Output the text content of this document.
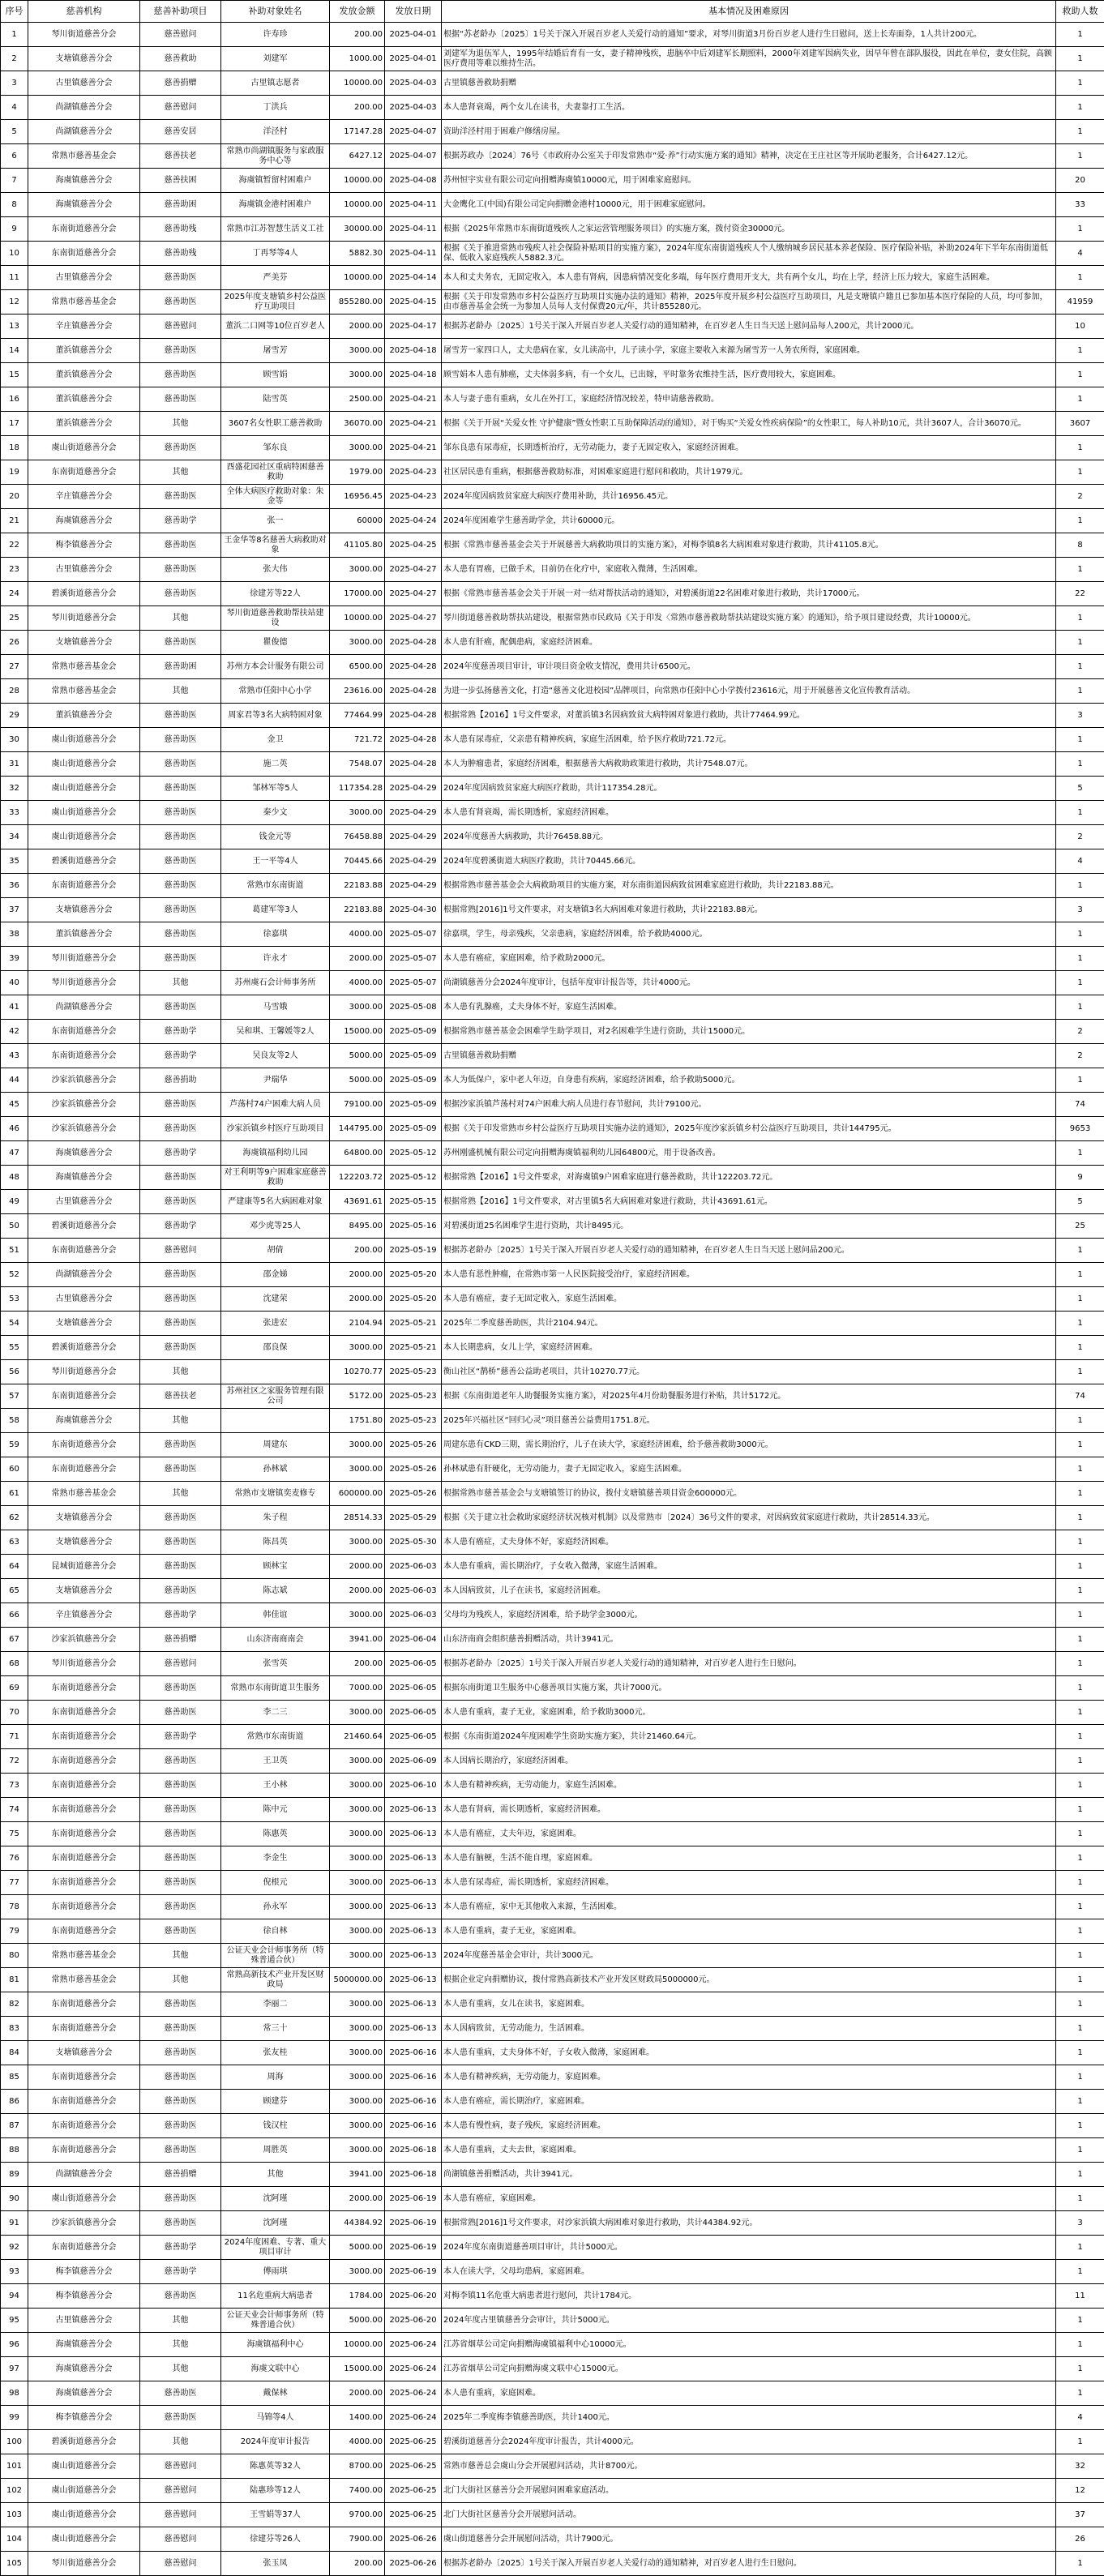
序号	慈善机构	慈善补助项目	补助对象姓名	发放金额	发放日期	基本情况及困难原因	救助人数
1	琴川街道慈善分会	慈善慰问	许寿珍	200.00	2025-04-01	根据“苏老龄办〔2025〕1号关于深入开展百岁老人关爱行动的通知”要求，对琴川街道3月份百岁老人进行生日慰问，送上长寿面券，1人共计200元。	1
2	支塘镇慈善分会	慈善救助	刘建军	1000.00	2025-04-01	刘建军为退伍军人，1995年结婚后育有一女，妻子精神残疾，患脑卒中后刘建军长期照料，2000年刘建军因病失业，因早年曾在部队服役，因此在单位，妻女住院，高额医疗费用等难以维持生活。	1
3	古里镇慈善分会	慈善捐赠	古里镇志愿者	10000.00	2025-04-03	古里镇慈善救助捐赠	1
4	尚湖镇慈善分会	慈善慰问	丁洪兵	200.00	2025-04-03	本人患肾衰竭，两个女儿在读书，夫妻靠打工生活。	1
5	尚湖镇慈善分会	慈善安居	洋泾村	17147.28	2025-04-07	资助洋泾村用于困难户修缮房屋。	1
6	常熟市慈善基金会	慈善扶老	常熟市尚湖镇服务与家政服务中心等	6427.12	2025-04-07	根据苏政办〔2024〕76号《市政府办公室关于印发常熟市“爱·养”行动实施方案的通知》精神，决定在王庄社区等开展助老服务，合计6427.12元。	1
7	海虞镇慈善分会	慈善扶困	海虞镇暂留村困难户	10000.00	2025-04-08	苏州恒宇实业有限公司定向捐赠海虞镇10000元，用于困难家庭慰问。	20
8	海虞镇慈善分会	慈善助困	海虞镇金港村困难户	10000.00	2025-04-11	大金鹰化工(中国)有限公司定向捐赠金港村10000元，用于困难家庭慰问。	33
9	东南街道慈善分会	慈善助残	常熟市江苏智慧生活义工社	30000.00	2025-04-11	根据《2025年常熟市东南街道残疾人之家运营管理服务项目》的实施方案，拨付资金30000元。	1
10	东南街道慈善分会	慈善助残	丁再琴等4人	5882.30	2025-04-11	根据《关于推进常熟市残疾人社会保险补贴项目的实施方案》，2024年度东南街道残疾人个人缴纳城乡居民基本养老保险、医疗保险补贴，补助2024年下半年东南街道低保、低收入家庭残疾人5882.3元。	4
11	古里镇慈善分会	慈善助医	严美芬	10000.00	2025-04-14	本人和丈夫务农，无固定收入，本人患有肾病，因患病情况变化多端，每年医疗费用开支大，共有两个女儿，均在上学，经济上压力较大，家庭生活困难。	1
12	常熟市慈善基金会	慈善助医	2025年度支塘镇乡村公益医疗互助项目	855280.00	2025-04-15	根据《关于印发常熟市乡村公益医疗互助项目实施办法的通知》精神，2025年度开展乡村公益医疗互助项目，凡是支塘镇户籍且已参加基本医疗保险的人员，均可参加，由市慈善基金会统一为参加人员每人支付保费20元/年，共计855280元。	41959
13	辛庄镇慈善分会	慈善慰问	董浜二口网等10位百岁老人	2000.00	2025-04-17	根据苏老龄办〔2025〕1号关于深入开展百岁老人关爱行动的通知精神，在百岁老人生日当天送上慰问品每人200元，共计2000元。	10
14	董浜镇慈善分会	慈善助医	屠雪芳	3000.00	2025-04-18	屠雪芳一家四口人，丈夫患病在家，女儿读高中，儿子读小学，家庭主要收入来源为屠雪芳一人务农所得，家庭困难。	1
15	董浜镇慈善分会	慈善助医	顾雪娟	3000.00	2025-04-18	顾雪娟本人患有肺癌，丈夫体弱多病，有一个女儿，已出嫁，平时靠务农维持生活，医疗费用较大，家庭困难。	1
16	董浜镇慈善分会	慈善助医	陆雪英	2500.00	2025-04-21	本人与妻子患有重病，女儿在外打工，家庭经济情况较差，特申请慈善救助。	1
17	董浜镇慈善分会	其他	3607名女性职工慈善救助	36070.00	2025-04-21	根据《关于开展“关爱女性 守护健康”暨女性职工互助保障活动的通知》，对于购买“关爱女性疾病保险”的女性职工，每人补助10元，共计3607人，合计36070元。	3607
18	虞山街道慈善分会	慈善助医	邹东良	3000.00	2025-04-21	邹东良患有尿毒症，长期透析治疗，无劳动能力，妻子无固定收入，家庭经济困难。	1
19	东南街道慈善分会	其他	酉盛花园社区重病特困慈善救助	1979.00	2025-04-23	社区居民患有重病，根据慈善救助标准，对困难家庭进行慰问和救助，共计1979元。	1
20	辛庄镇慈善分会	慈善助医	全体大病医疗救助对象：朱金等	16956.45	2025-04-23	2024年度因病致贫家庭大病医疗费用补助，共计16956.45元。	2
21	海虞镇慈善分会	慈善助学	张一	60000	2025-04-24	2024年度困难学生慈善助学金，共计60000元。	1
22	梅李镇慈善分会	慈善助医	王金华等8名慈善大病救助对象	41105.80	2025-04-25	根据《常熟市慈善基金会关于开展慈善大病救助项目的实施方案》，对梅李镇8名大病困难对象进行救助，共计41105.8元。	8
23	古里镇慈善分会	慈善助医	张大伟	3000.00	2025-04-27	本人患有胃癌，已做手术，目前仍在化疗中，家庭收入微薄，生活困难。	1
24	碧溪街道慈善分会	慈善助医	徐建芳等22人	17000.00	2025-04-27	根据《常熟市慈善基金会关于开展一对一结对帮扶活动的通知》，对碧溪街道22名困难对象进行救助，共计17000元。	22
25	琴川街道慈善分会	其他	琴川街道慈善救助帮扶站建设	10000.00	2025-04-27	琴川街道慈善救助帮扶站建设，根据常熟市民政局《关于印发〈常熟市慈善救助帮扶站建设实施方案〉的通知》，给予项目建设经费，共计10000元。	1
26	支塘镇慈善分会	慈善助医	瞿俊德	3000.00	2025-04-28	本人患有肝癌，配偶患病，家庭经济困难。	1
27	常熟市慈善基金会	慈善助困	苏州方本会计服务有限公司	6500.00	2025-04-28	2024年度慈善项目审计，审计项目资金收支情况，费用共计6500元。	1
28	常熟市慈善基金会	其他	常熟市任阳中心小学	23616.00	2025-04-28	为进一步弘扬慈善文化，打造“慈善文化进校园”品牌项目，向常熟市任阳中心小学拨付23616元，用于开展慈善文化宣传教育活动。	1
29	董浜镇慈善分会	慈善助医	周家君等3名大病特困对象	77464.99	2025-04-28	根据常熟【2016】1号文件要求，对董浜镇3名因病致贫大病特困对象进行救助，共计77464.99元。	3
30	虞山街道慈善分会	慈善助医	金卫	721.72	2025-04-28	本人患有尿毒症，父亲患有精神疾病，家庭生活困难，给予医疗救助721.72元。	1
31	虞山街道慈善分会	慈善助医	施二英	7548.07	2025-04-28	本人为肿瘤患者，家庭经济困难，根据慈善大病救助政策进行救助，共计7548.07元。	1
32	虞山街道慈善分会	慈善助医	邹林军等5人	117354.28	2025-04-29	2024年度因病致贫家庭大病医疗救助，共计117354.28元。	5
33	虞山街道慈善分会	慈善助医	秦少文	3000.00	2025-04-29	本人患有肾衰竭，需长期透析，家庭经济困难。	1
34	虞山街道慈善分会	慈善助医	钱金元等	76458.88	2025-04-29	2024年度慈善大病救助，共计76458.88元。	2
35	碧溪街道慈善分会	慈善助医	王一平等4人	70445.66	2025-04-29	2024年度碧溪街道大病医疗救助，共计70445.66元。	4
36	东南街道慈善分会	慈善助医	常熟市东南街道	22183.88	2025-04-29	根据常熟市慈善基金会大病救助项目的实施方案，对东南街道因病致贫困难家庭进行救助，共计22183.88元。	1
37	支塘镇慈善分会	慈善助医	葛建军等3人	22183.88	2025-04-30	根据常熟[2016]1号文件要求，对支塘镇3名大病困难对象进行救助，共计22183.88元。	3
38	董浜镇慈善分会	慈善助医	徐嘉琪	4000.00	2025-05-07	徐嘉琪，学生，母亲残疾，父亲患病，家庭经济困难，给予救助4000元。	1
39	琴川街道慈善分会	慈善助医	许永才	2000.00	2025-05-07	本人患有癌症，家庭困难，给予救助2000元。	1
40	琴川街道慈善分会	其他	苏州虞石会计师事务所	4000.00	2025-05-07	尚湖镇慈善分会2024年度审计，包括年度审计报告等，共计4000元。	1
41	尚湖镇慈善分会	慈善助医	马雪娥	3000.00	2025-05-08	本人患有乳腺癌，丈夫身体不好，家庭生活困难。	1
42	东南街道慈善分会	慈善助学	吴和琪、王馨媛等2人	15000.00	2025-05-09	根据常熟市慈善基金会困难学生助学项目，对2名困难学生进行资助，共计15000元。	2
43	东南街道慈善分会	慈善助学	吴良友等2人	5000.00	2025-05-09	古里镇慈善救助捐赠	2
44	沙家浜镇慈善分会	慈善捐助	尹瑞华	5000.00	2025-05-09	本人为低保户，家中老人年迈，自身患有疾病，家庭经济困难，给予救助5000元。	1
45	沙家浜镇慈善分会	慈善助医	芦荡村74户困难大病人员	79100.00	2025-05-09	根据沙家浜镇芦荡村对74户困难大病人员进行春节慰问，共计79100元。	74
46	沙家浜镇慈善分会	慈善助医	沙家浜镇乡村医疗互助项目	144795.00	2025-05-09	根据《关于印发常熟市乡村公益医疗互助项目实施办法的通知》，2025年度沙家浜镇乡村公益医疗互助项目，共计144795元。	9653
47	海虞镇慈善分会	慈善助学	海虞镇福利幼儿园	64800.00	2025-05-12	苏州刚盛机械有限公司定向捐赠海虞镇福利幼儿园64800元，用于设备改善。	1
48	海虞镇慈善分会	慈善助医	对王利明等9户困难家庭慈善救助	122203.72	2025-05-12	根据常熟【2016】1号文件要求，对海虞镇9户困难家庭进行慈善救助，共计122203.72元。	9
49	古里镇慈善分会	慈善助医	严建康等5名大病困难对象	43691.61	2025-05-15	根据常熟【2016】1号文件要求，对古里镇5名大病困难对象进行救助，共计43691.61元。	5
50	碧溪街道慈善分会	慈善助学	邓少虎等25人	8495.00	2025-05-16	对碧溪街道25名困难学生进行资助，共计8495元。	25
51	东南街道慈善分会	慈善慰问	胡倩	200.00	2025-05-19	根据苏老龄办〔2025〕1号关于深入开展百岁老人关爱行动的通知精神，在百岁老人生日当天送上慰问品200元。	1
52	尚湖镇慈善分会	慈善助医	邵金娣	2000.00	2025-05-20	本人患有恶性肿瘤，在常熟市第一人民医院接受治疗，家庭经济困难。	1
53	古里镇慈善分会	慈善助医	沈建荣	2000.00	2025-05-20	本人患有癌症，妻子无固定收入，家庭生活困难。	1
54	支塘镇慈善分会	慈善助医	张进宏	2104.94	2025-05-21	2025年二季度慈善助医，共计2104.94元。	1
55	碧溪街道慈善分会	慈善助医	邵良保	3000.00	2025-05-21	本人长期患病，女儿上学，家庭经济困难。	1
56	琴川街道慈善分会	其他		10270.77	2025-05-23	衡山社区“鹊桥”慈善公益助老项目，共计10270.77元。	1
57	东南街道慈善分会	慈善扶老	苏州社区之家服务管理有限公司	5172.00	2025-05-23	根据《东南街道老年人助餐服务实施方案》，对2025年4月份助餐服务进行补贴，共计5172元。	74
58	海虞镇慈善分会	其他		1751.80	2025-05-23	2025年兴福社区“回归心灵”项目慈善公益费用1751.8元。	1
59	东南街道慈善分会	慈善助医	周建东	3000.00	2025-05-26	周建东患有CKD三期，需长期治疗，儿子在读大学，家庭经济困难，给予慈善救助3000元。	1
60	东南街道慈善分会	慈善助医	孙林斌	3000.00	2025-05-26	孙林斌患有肝硬化，无劳动能力，妻子无固定收入，家庭生活困难。	1
61	常熟市慈善基金会	其他	常熟市支塘镇奕麦修专	600000.00	2025-05-26	根据常熟市慈善基金会与支塘镇签订的协议，拨付支塘镇慈善项目资金600000元。	1
62	支塘镇慈善分会	慈善助医	朱子程	28514.33	2025-05-29	根据《关于建立社会救助家庭经济状况核对机制》以及常熟市〔2024〕36号文件的要求，对因病致贫家庭进行救助，共计28514.33元。	1
63	支塘镇慈善分会	慈善助医	陈昌英	3000.00	2025-05-30	本人患有癌症，丈夫身体不好，家庭经济困难。	1
64	昆城街道慈善分会	慈善助医	顾林宝	2000.00	2025-06-03	本人患有重病，需长期治疗，子女收入微薄，家庭生活困难。	1
65	支塘镇慈善分会	慈善助医	陈志斌	2000.00	2025-06-03	本人因病致贫，儿子在读书，家庭经济困难。	1
66	辛庄镇慈善分会	慈善助学	韩佳谊	3000.00	2025-06-03	父母均为残疾人，家庭经济困难，给予助学金3000元。	1
67	沙家浜镇慈善分会	慈善捐赠	山东济南商南会	3941.00	2025-06-04	山东济南商会组织慈善捐赠活动，共计3941元。	1
68	琴川街道慈善分会	慈善慰问	张雪英	200.00	2025-06-05	根据苏老龄办〔2025〕1号关于深入开展百岁老人关爱行动的通知精神，对百岁老人进行生日慰问。	1
69	东南街道慈善分会	慈善助医	常熟市东南街道卫生服务	7000.00	2025-06-05	根据东南街道卫生服务中心慈善项目实施方案，共计7000元。	1
70	东南街道慈善分会	慈善助医	李二三	3000.00	2025-06-05	本人患有重病，妻子无业，家庭困难，给予救助3000元。	1
71	东南街道慈善分会	慈善助学	常熟市东南街道	21460.64	2025-06-05	根据《东南街道2024年度困难学生资助实施方案》，共计21460.64元。	1
72	东南街道慈善分会	慈善助医	王卫英	3000.00	2025-06-09	本人因病长期治疗，家庭经济困难。	1
73	东南街道慈善分会	慈善助医	王小林	3000.00	2025-06-10	本人患有精神疾病，无劳动能力，家庭生活困难。	1
74	东南街道慈善分会	慈善助医	陈中元	3000.00	2025-06-13	本人患有肾病，需长期透析，家庭经济困难。	1
75	东南街道慈善分会	慈善助医	陈惠英	3000.00	2025-06-13	本人患有癌症，丈夫年迈，家庭困难。	1
76	东南街道慈善分会	慈善助医	李金生	3000.00	2025-06-13	本人患有脑梗，生活不能自理，家庭困难。	1
77	东南街道慈善分会	慈善助医	倪根元	3000.00	2025-06-13	本人患有尿毒症，需长期透析，家庭经济困难。	1
78	东南街道慈善分会	慈善助医	孙永军	3000.00	2025-06-13	本人患有癌症，家中无其他收入来源，生活困难。	1
79	东南街道慈善分会	慈善助医	徐自林	3000.00	2025-06-13	本人患有重病，妻子无业，家庭困难。	1
80	常熟市慈善基金会	其他	公证天业会计师事务所（特殊普通合伙）	3000.00	2025-06-13	2024年度慈善基金会审计，共计3000元。	1
81	常熟市慈善基金会	其他	常熟高新技术产业开发区财政局	5000000.00	2025-06-13	根据企业定向捐赠协议，拨付常熟高新技术产业开发区财政局5000000元。	1
82	东南街道慈善分会	慈善助医	李丽二	3000.00	2025-06-13	本人患有重病，女儿在读书，家庭困难。	1
83	东南街道慈善分会	慈善助医	常三十	3000.00	2025-06-13	本人因病致贫，无劳动能力，生活困难。	1
84	支塘镇慈善分会	慈善助医	张友桂	3000.00	2025-06-16	本人患有重病，丈夫身体不好，子女收入微薄，家庭困难。	1
85	东南街道慈善分会	慈善助医	周海	3000.00	2025-06-16	本人患有精神疾病，无劳动能力，家庭困难。	1
86	东南街道慈善分会	慈善助医	顾建芬	3000.00	2025-06-16	本人患有癌症，需长期治疗，家庭困难。	1
87	东南街道慈善分会	慈善助医	钱汉柱	3000.00	2025-06-16	本人患有慢性病，妻子残疾，家庭经济困难。	1
88	东南街道慈善分会	慈善助医	周胜英	3000.00	2025-06-18	本人患有重病，丈夫去世，家庭困难。	1
89	尚湖镇慈善分会	慈善捐赠	其他	3941.00	2025-06-18	尚湖镇慈善捐赠活动，共计3941元。	1
90	虞山街道慈善分会	慈善助医	沈阿瑾	2000.00	2025-06-19	本人患有癌症，家庭困难。	1
91	沙家浜镇慈善分会	慈善助医	沈阿瑾	44384.92	2025-06-19	根据常熟[2016]1号文件要求，对沙家浜镇大病困难对象进行救助，共计44384.92元。	3
92	东南街道慈善分会	慈善助学	2024年度困难、专著、重大项目审计	5000.00	2025-06-19	2024年度东南街道慈善项目审计，共计5000元。	1
93	梅李镇慈善分会	慈善助学	傅雨琪	3000.00	2025-06-19	本人在读大学，父母均患病，家庭困难。	1
94	梅李镇慈善分会	慈善助医	11名危重病大病患者	1784.00	2025-06-20	对梅李镇11名危重大病患者进行慰问，共计1784元。	11
95	古里镇慈善分会	其他	公证天业会计师事务所（特殊普通合伙）	5000.00	2025-06-20	2024年度古里镇慈善分会审计，共计5000元。	1
96	海虞镇慈善分会	其他	海虞镇福利中心	10000.00	2025-06-24	江苏省烟草公司定向捐赠海虞镇福利中心10000元。	1
97	海虞镇慈善分会	其他	海虞文联中心	15000.00	2025-06-24	江苏省烟草公司定向捐赠海虞文联中心15000元。	1
98	海虞镇慈善分会	慈善助医	戴保林	2000.00	2025-06-24	本人患有重病，家庭困难。	1
99	梅李镇慈善分会	慈善助医	马锦等4人	1400.00	2025-06-24	2025年二季度梅李镇慈善助医，共计1400元。	4
100	碧溪街道慈善分会	其他	2024年度审计报告	4000.00	2025-06-25	碧溪街道慈善分会2024年度审计报告，共计4000元。	1
101	虞山街道慈善分会	慈善慰问	陈惠英等32人	8700.00	2025-06-25	常熟市慈善总会虞山分会开展慰问活动，共计8700元。	32
102	虞山街道慈善分会	慈善慰问	陆惠珍等12人	7400.00	2025-06-25	北门大街社区慈善分会开展慰问困难家庭活动。	12
103	虞山街道慈善分会	慈善慰问	王雪娟等37人	9700.00	2025-06-25	北门大街社区慈善分会开展慰问活动。	37
104	虞山街道慈善分会	慈善慰问	徐建芬等26人	7900.00	2025-06-26	虞山街道慈善分会开展慰问活动，共计7900元。	26
105	琴川街道慈善分会	慈善慰问	张玉凤	200.00	2025-06-26	根据苏老龄办〔2025〕1号关于深入开展百岁老人关爱行动的通知精神，对百岁老人进行生日慰问。	1
